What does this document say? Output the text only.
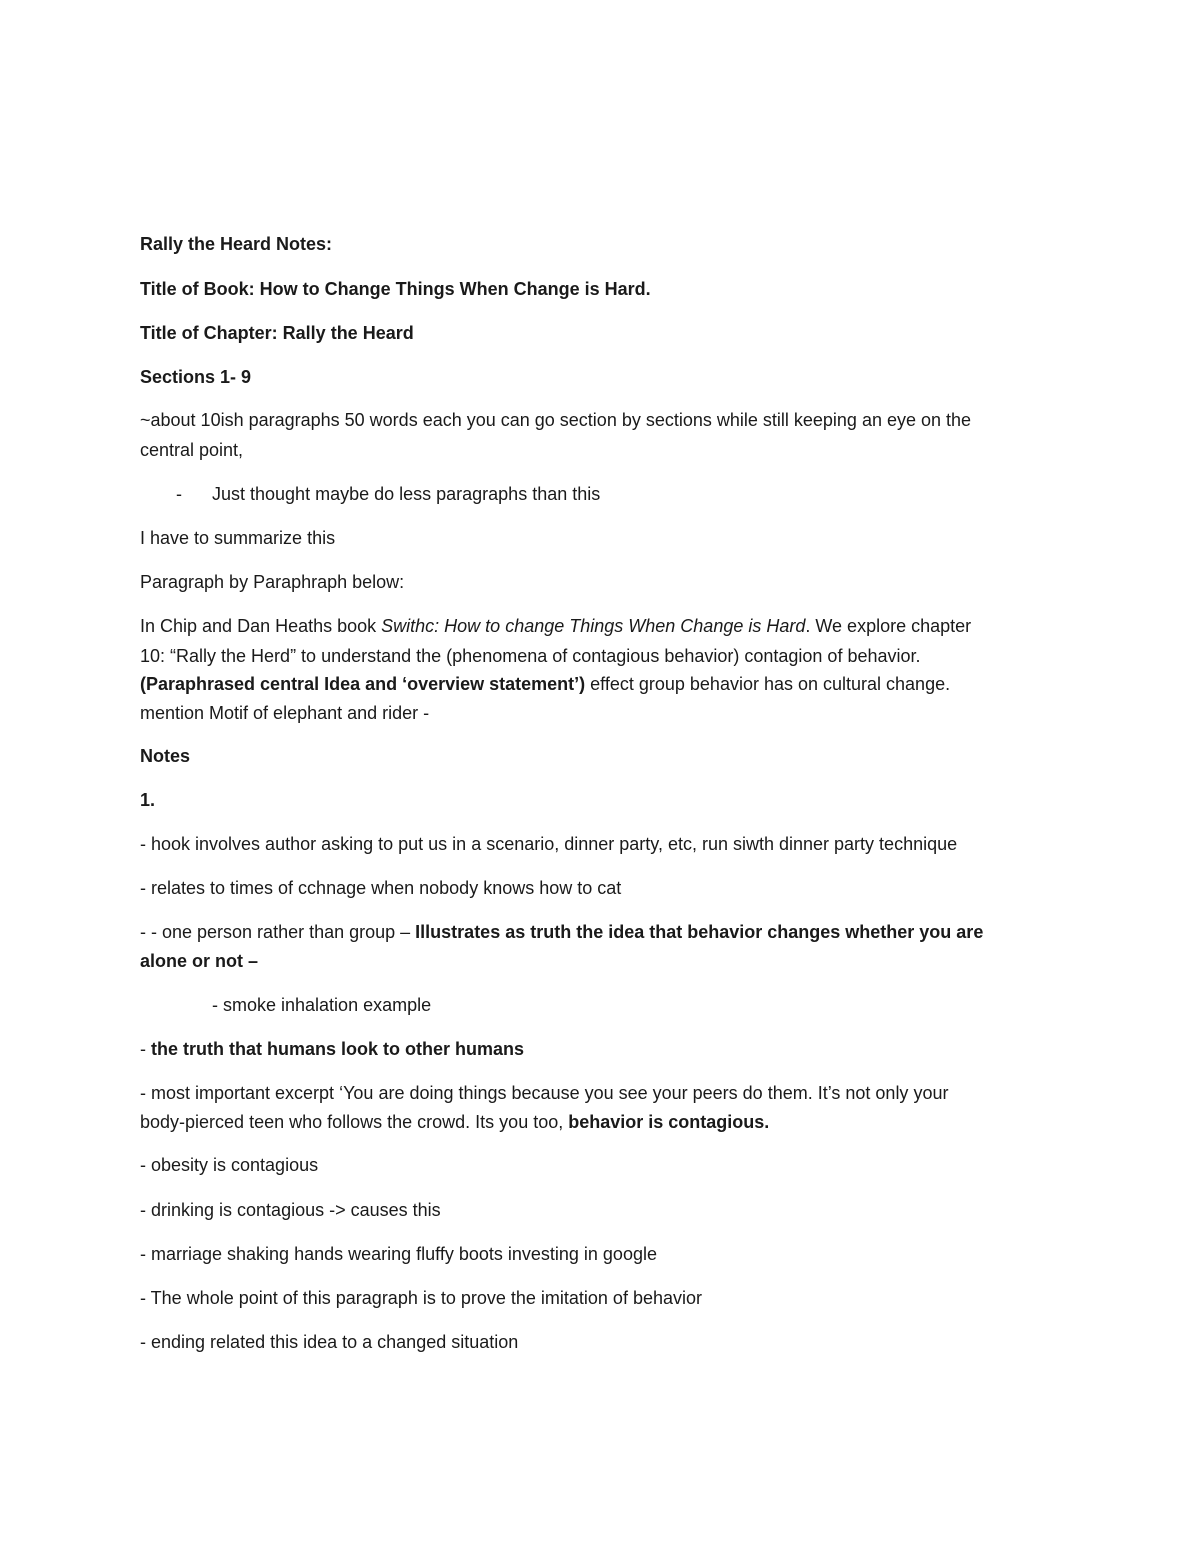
Rally the Heard Notes:
Title of Book: How to Change Things When Change is Hard.
Title of Chapter: Rally the Heard
Sections 1- 9
~about 10ish paragraphs 50 words each you can go section by sections while still keeping an eye on the
central point,
- Just thought maybe do less paragraphs than this
I have to summarize this
Paragraph by Paraphraph below:
In Chip and Dan Heaths book Swithc: How to change Things When Change is Hard. We explore chapter
10: “Rally the Herd” to understand the (phenomena of contagious behavior) contagion of behavior.
(Paraphrased central Idea and ‘overview statement’) effect group behavior has on cultural change.
mention Motif of elephant and rider -
Notes
1.
- hook involves author asking to put us in a scenario, dinner party, etc, run siwth dinner party technique
- relates to times of cchnage when nobody knows how to cat
- - one person rather than group – Illustrates as truth the idea that behavior changes whether you are
alone or not –
- smoke inhalation example
- the truth that humans look to other humans
- most important excerpt ‘You are doing things because you see your peers do them. It’s not only your
body-pierced teen who follows the crowd. Its you too, behavior is contagious.
- obesity is contagious
- drinking is contagious -> causes this
- marriage shaking hands wearing fluffy boots investing in google
- The whole point of this paragraph is to prove the imitation of behavior
- ending related this idea to a changed situation
